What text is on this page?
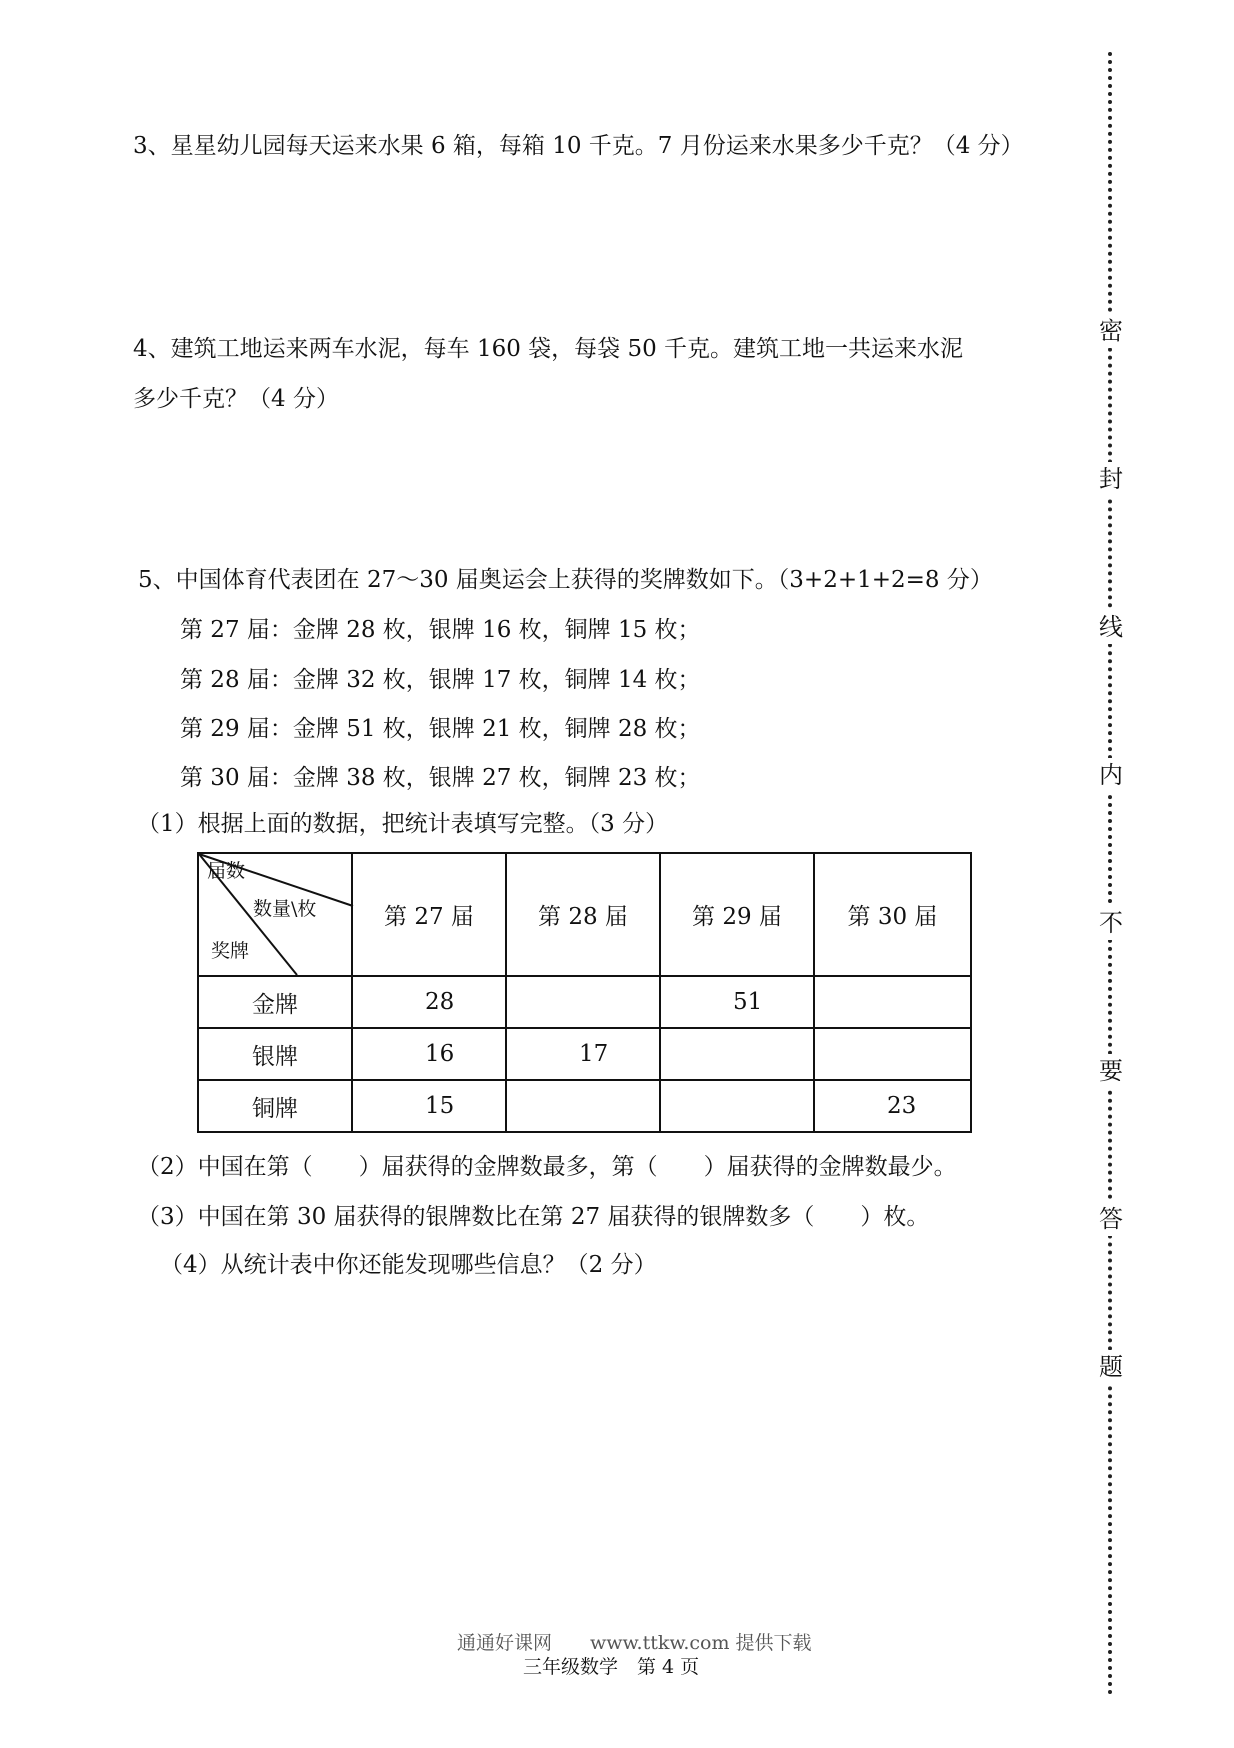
3、星星幼儿园每天运来水果 6 箱，每箱 10 千克。7 月份运来水果多少千克？（4 分）
4、建筑工地运来两车水泥，每车 160 袋，每袋 50 千克。建筑工地一共运来水泥
多少千克？（4 分）
5、中国体育代表团在 27～30 届奥运会上获得的奖牌数如下。（3+2+1+2=8 分）
第 27 届：金牌 28 枚，银牌 16 枚，铜牌 15 枚；
第 28 届：金牌 32 枚，银牌 17 枚，铜牌 14 枚；
第 29 届：金牌 51 枚，银牌 21 枚，铜牌 28 枚；
第 30 届：金牌 38 枚，银牌 27 枚，铜牌 23 枚；
（1）根据上面的数据，把统计表填写完整。（3 分）
届数
数量\枚
奖牌	第 27 届	第 28 届	第 29 届	第 30 届
金牌	28		51	
银牌	16	17		
铜牌	15			23
（2）中国在第（　　）届获得的金牌数最多，第（　　）届获得的金牌数最少。
（3）中国在第 30 届获得的银牌数比在第 27 届获得的银牌数多（　　）枚。
（4）从统计表中你还能发现哪些信息？（2 分）
通通好课网　　www.ttkw.com 提供下载
三年级数学　第 4 页
密
封
线
内
不
要
答
题
